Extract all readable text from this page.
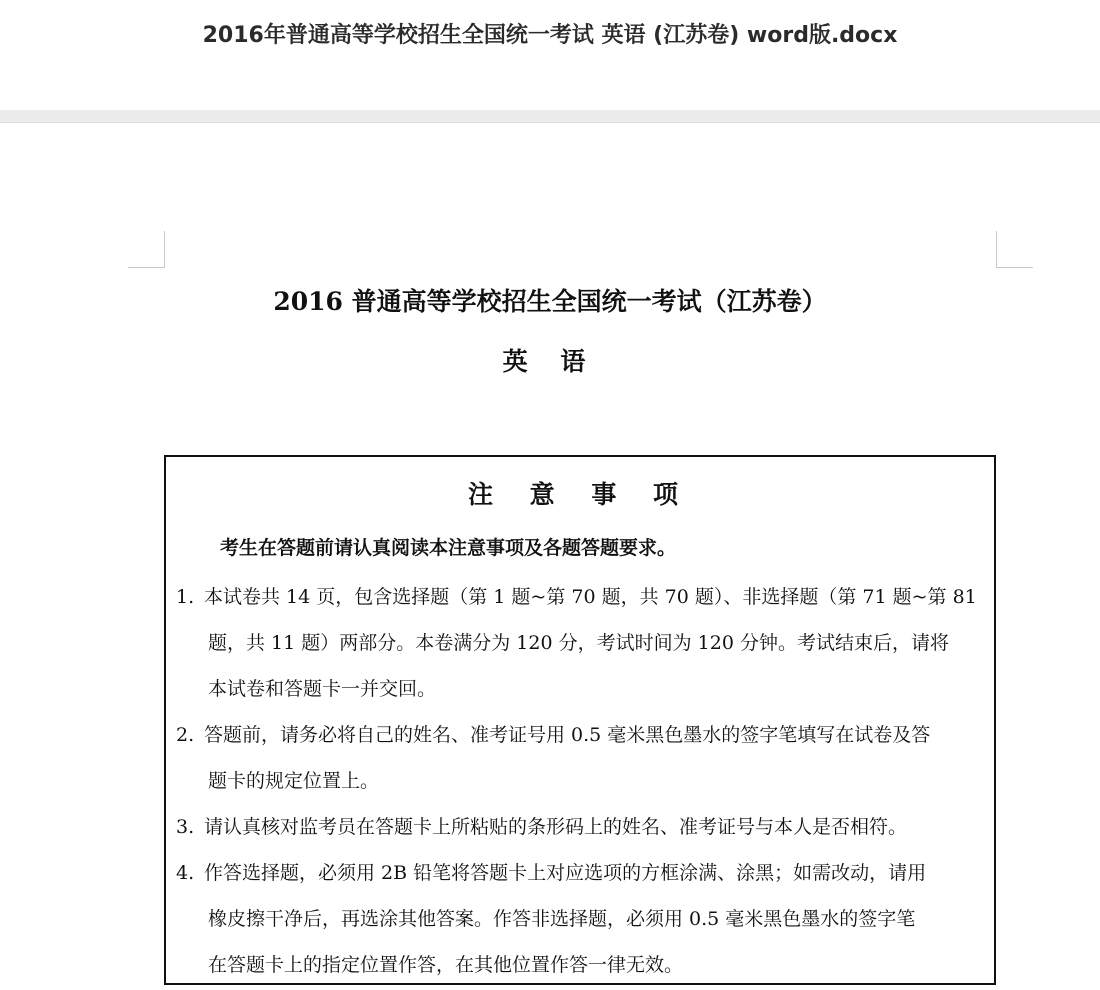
2016年普通高等学校招生全国统一考试 英语 (江苏卷) word版.docx
2016 普通高等学校招生全国统一考试（江苏卷）
英 语
注 意 事 项
考生在答题前请认真阅读本注意事项及各题答题要求。
1. 本试卷共 14 页，包含选择题（第 1 题~第 70 题，共 70 题）、非选择题（第 71 题~第 81
题，共 11 题）两部分。本卷满分为 120 分，考试时间为 120 分钟。考试结束后，请将
本试卷和答题卡一并交回。
2. 答题前，请务必将自己的姓名、准考证号用 0.5 毫米黑色墨水的签字笔填写在试卷及答
题卡的规定位置上。
3. 请认真核对监考员在答题卡上所粘贴的条形码上的姓名、准考证号与本人是否相符。
4. 作答选择题，必须用 2B 铅笔将答题卡上对应选项的方框涂满、涂黑；如需改动，请用
橡皮擦干净后，再选涂其他答案。作答非选择题，必须用 0.5 毫米黑色墨水的签字笔
在答题卡上的指定位置作答，在其他位置作答一律无效。
